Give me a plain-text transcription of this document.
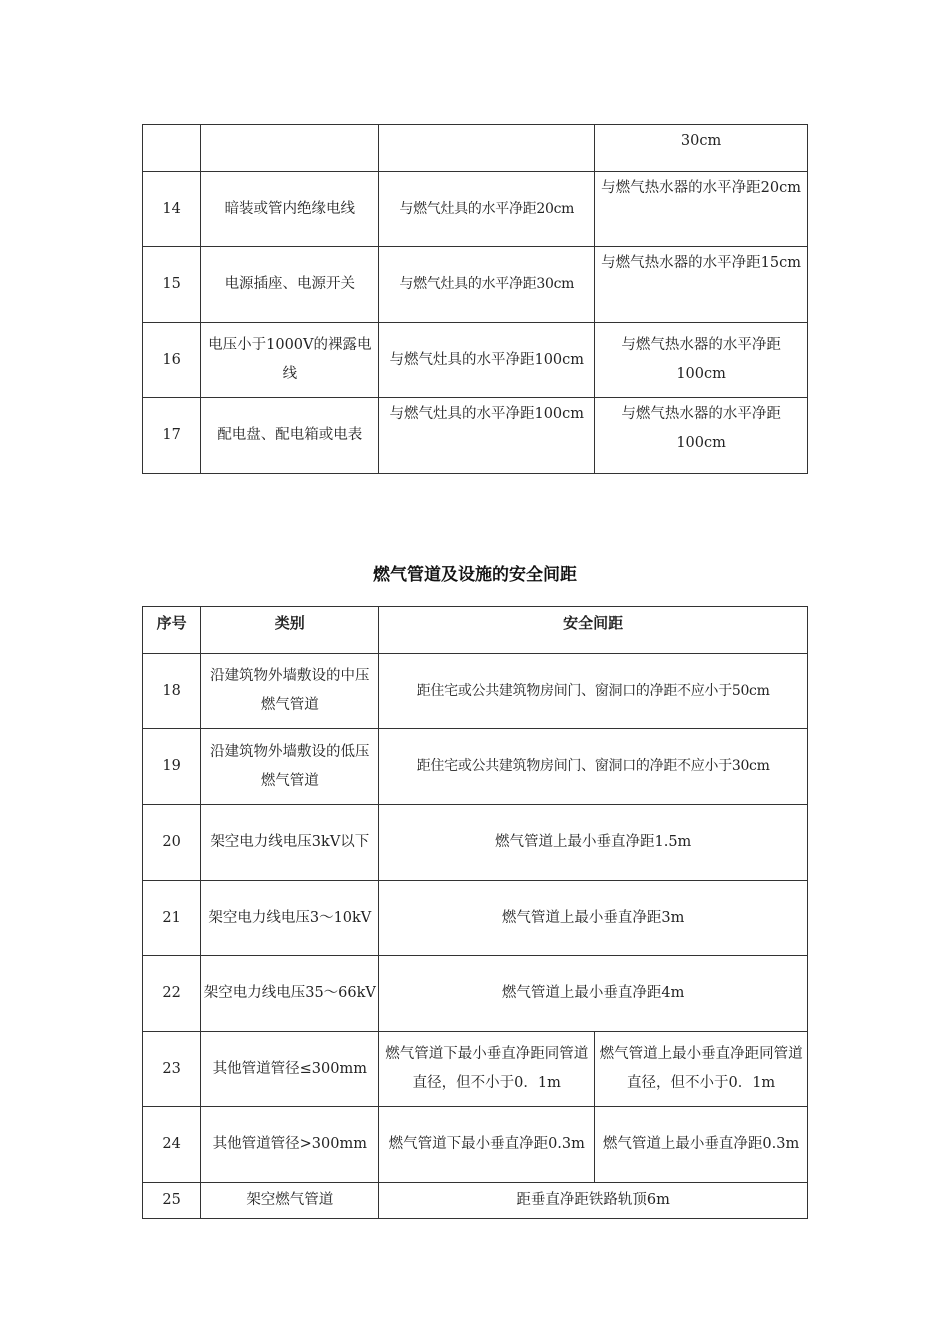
			30cm
14	暗装或管内绝缘电线	与燃气灶具的水平净距20cm	与燃气热水器的水平净距20cm
15	电源插座、电源开关	与燃气灶具的水平净距30cm	与燃气热水器的水平净距15cm
16	电压小于1000V的裸露电线	与燃气灶具的水平净距100cm	与燃气热水器的水平净距100cm
17	配电盘、配电箱或电表	与燃气灶具的水平净距100cm	与燃气热水器的水平净距100cm
燃气管道及设施的安全间距
序号	类别	安全间距	
18	沿建筑物外墙敷设的中压燃气管道	距住宅或公共建筑物房间门、窗洞口的净距不应小于50cm	
19	沿建筑物外墙敷设的低压燃气管道	距住宅或公共建筑物房间门、窗洞口的净距不应小于30cm	
20	架空电力线电压3kV以下	燃气管道上最小垂直净距1.5m	
21	架空电力线电压3～10kV	燃气管道上最小垂直净距3m	
22	架空电力线电压35～66kV	燃气管道上最小垂直净距4m	
23	其他管道管径≤300mm	燃气管道下最小垂直净距同管道直径，但不小于0．1m	燃气管道上最小垂直净距同管道直径，但不小于0．1m
24	其他管道管径>300mm	燃气管道下最小垂直净距0.3m	燃气管道上最小垂直净距0.3m
25	架空燃气管道	距垂直净距铁路轨顶6m	
